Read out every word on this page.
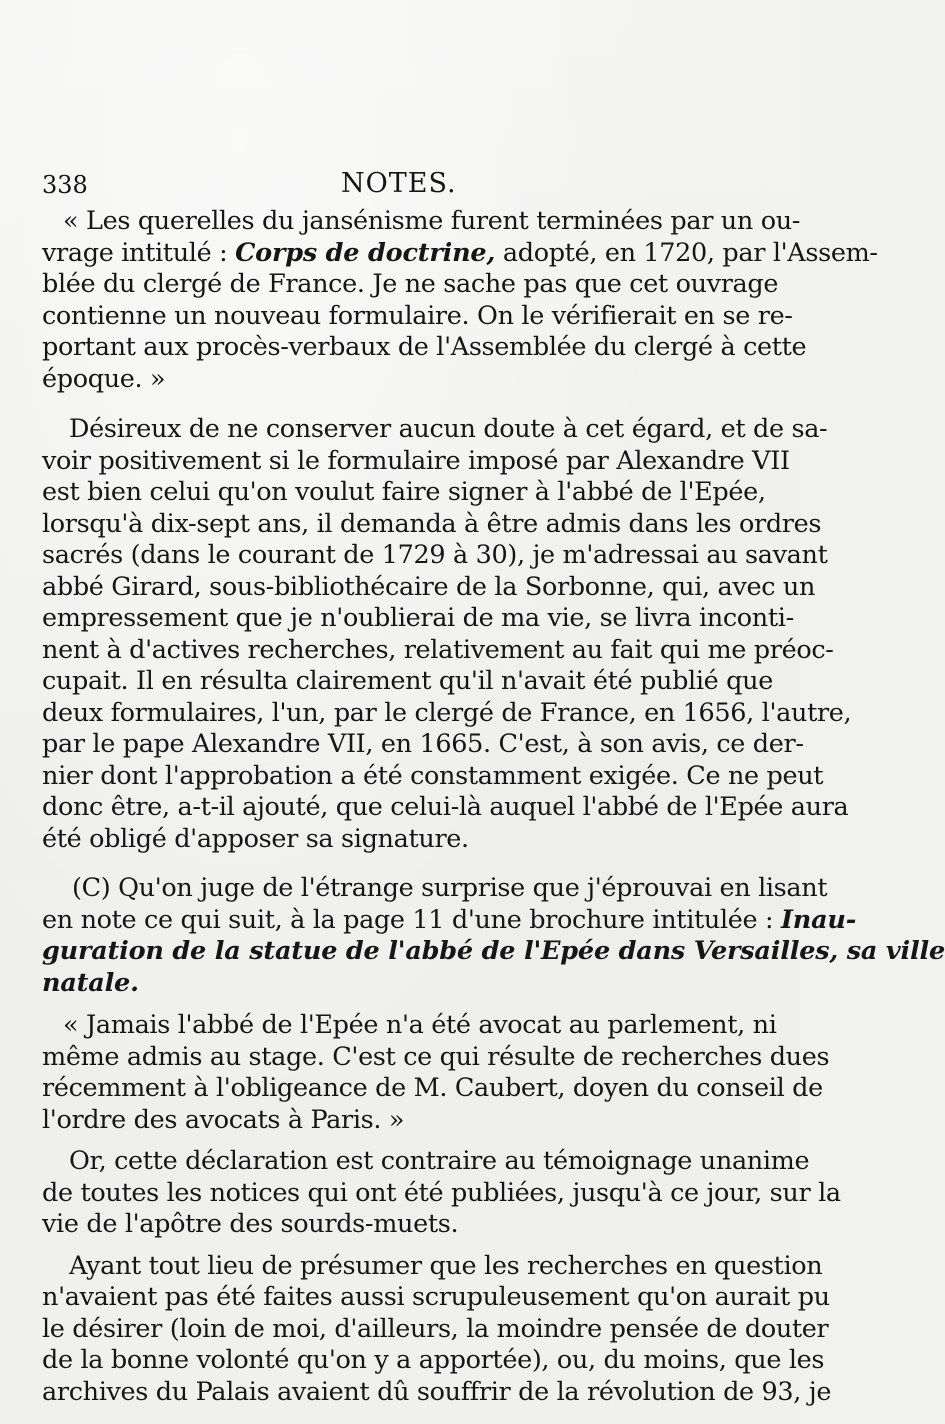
338	NOTES.
« Les querelles du jansénisme furent terminées par un ou-
vrage intitulé : Corps de doctrine, adopté, en 1720, par l'Assem-
blée du clergé de France. Je ne sache pas que cet ouvrage
contienne un nouveau formulaire. On le vérifierait en se re-
portant aux procès-verbaux de l'Assemblée du clergé à cette
époque. »
Désireux de ne conserver aucun doute à cet égard, et de sa-
voir positivement si le formulaire imposé par Alexandre VII
est bien celui qu'on voulut faire signer à l'abbé de l'Epée,
lorsqu'à dix-sept ans, il demanda à être admis dans les ordres
sacrés (dans le courant de 1729 à 30), je m'adressai au savant
abbé Girard, sous-bibliothécaire de la Sorbonne, qui, avec un
empressement que je n'oublierai de ma vie, se livra inconti-
nent à d'actives recherches, relativement au fait qui me préoc-
cupait. Il en résulta clairement qu'il n'avait été publié que
deux formulaires, l'un, par le clergé de France, en 1656, l'autre,
par le pape Alexandre VII, en 1665. C'est, à son avis, ce der-
nier dont l'approbation a été constamment exigée. Ce ne peut
donc être, a-t-il ajouté, que celui-là auquel l'abbé de l'Epée aura
été obligé d'apposer sa signature.
(C) Qu'on juge de l'étrange surprise que j'éprouvai en lisant
en note ce qui suit, à la page 11 d'une brochure intitulée : Inau-
guration de la statue de l'abbé de l'Epée dans Versailles, sa ville
natale.
« Jamais l'abbé de l'Epée n'a été avocat au parlement, ni
même admis au stage. C'est ce qui résulte de recherches dues
récemment à l'obligeance de M. Caubert, doyen du conseil de
l'ordre des avocats à Paris. »
Or, cette déclaration est contraire au témoignage unanime
de toutes les notices qui ont été publiées, jusqu'à ce jour, sur la
vie de l'apôtre des sourds-muets.
Ayant tout lieu de présumer que les recherches en question
n'avaient pas été faites aussi scrupuleusement qu'on aurait pu
le désirer (loin de moi, d'ailleurs, la moindre pensée de douter
de la bonne volonté qu'on y a apportée), ou, du moins, que les
archives du Palais avaient dû souffrir de la révolution de 93, je
